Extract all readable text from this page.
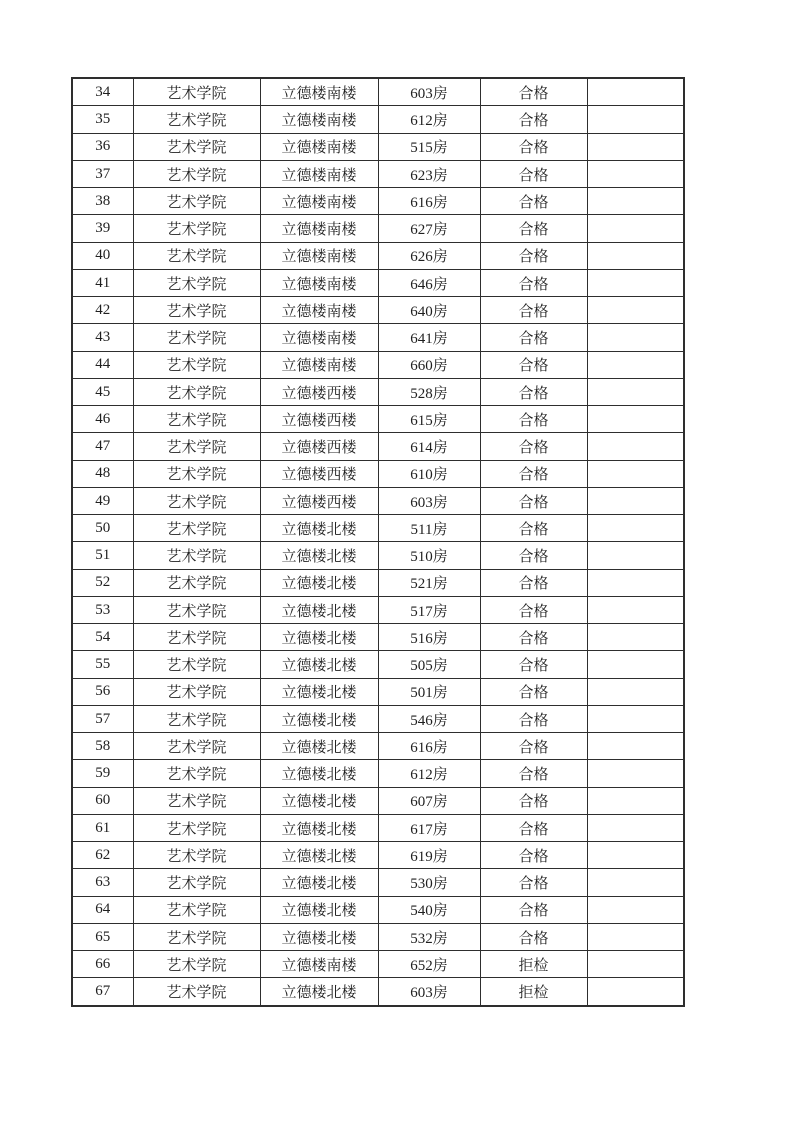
34	艺术学院	立德楼南楼	603房	合格	
35	艺术学院	立德楼南楼	612房	合格	
36	艺术学院	立德楼南楼	515房	合格	
37	艺术学院	立德楼南楼	623房	合格	
38	艺术学院	立德楼南楼	616房	合格	
39	艺术学院	立德楼南楼	627房	合格	
40	艺术学院	立德楼南楼	626房	合格	
41	艺术学院	立德楼南楼	646房	合格	
42	艺术学院	立德楼南楼	640房	合格	
43	艺术学院	立德楼南楼	641房	合格	
44	艺术学院	立德楼南楼	660房	合格	
45	艺术学院	立德楼西楼	528房	合格	
46	艺术学院	立德楼西楼	615房	合格	
47	艺术学院	立德楼西楼	614房	合格	
48	艺术学院	立德楼西楼	610房	合格	
49	艺术学院	立德楼西楼	603房	合格	
50	艺术学院	立德楼北楼	511房	合格	
51	艺术学院	立德楼北楼	510房	合格	
52	艺术学院	立德楼北楼	521房	合格	
53	艺术学院	立德楼北楼	517房	合格	
54	艺术学院	立德楼北楼	516房	合格	
55	艺术学院	立德楼北楼	505房	合格	
56	艺术学院	立德楼北楼	501房	合格	
57	艺术学院	立德楼北楼	546房	合格	
58	艺术学院	立德楼北楼	616房	合格	
59	艺术学院	立德楼北楼	612房	合格	
60	艺术学院	立德楼北楼	607房	合格	
61	艺术学院	立德楼北楼	617房	合格	
62	艺术学院	立德楼北楼	619房	合格	
63	艺术学院	立德楼北楼	530房	合格	
64	艺术学院	立德楼北楼	540房	合格	
65	艺术学院	立德楼北楼	532房	合格	
66	艺术学院	立德楼南楼	652房	拒检	
67	艺术学院	立德楼北楼	603房	拒检	
